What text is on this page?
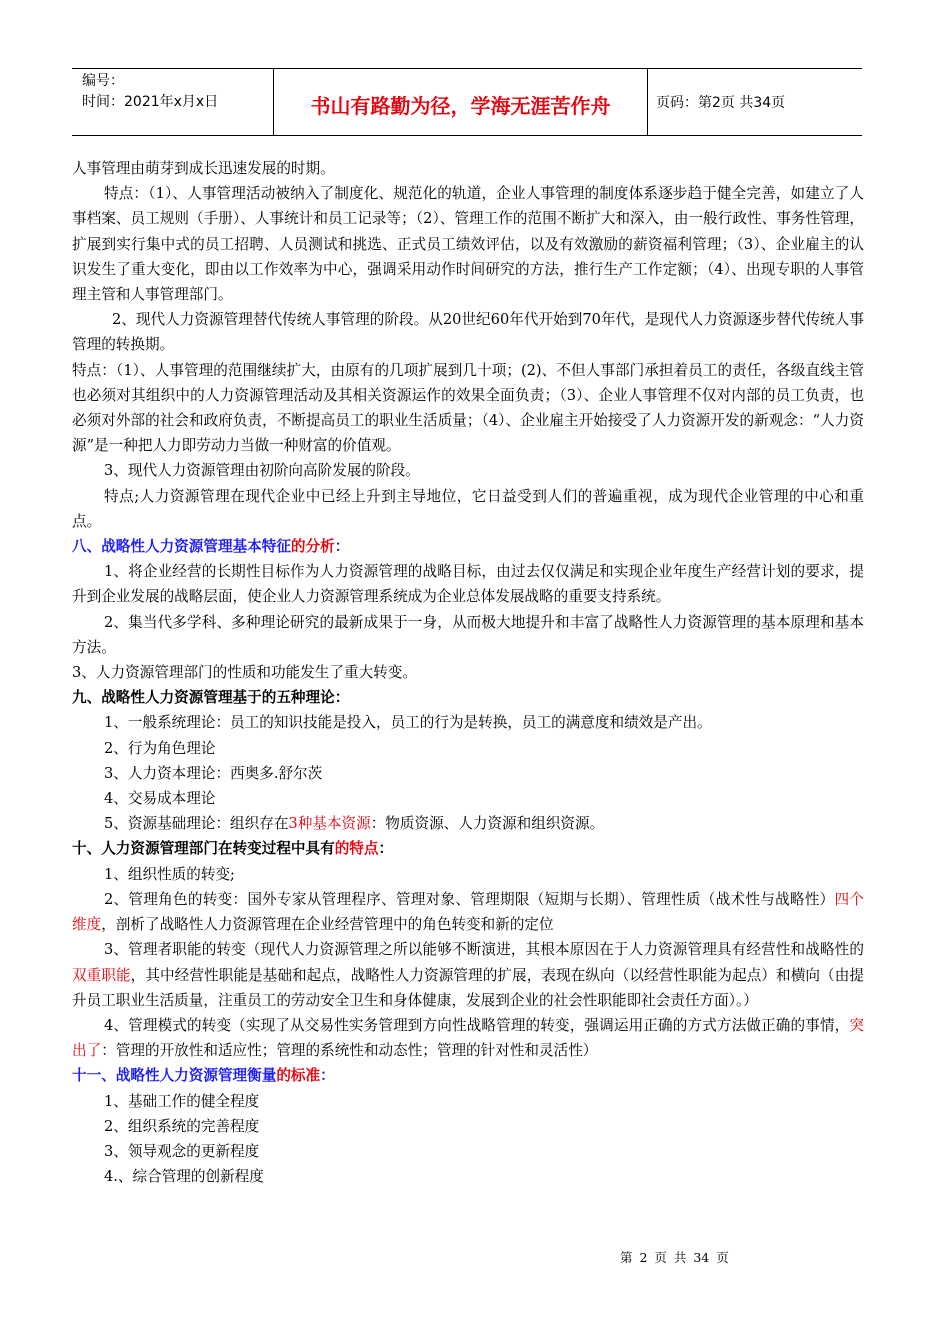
编号：
时间：2021年x月x日	书山有路勤为径，学海无涯苦作舟	页码：第2页 共34页

人事管理由萌芽到成长迅速发展的时期。

特点：（1）、人事管理活动被纳入了制度化、规范化的轨道，企业人事管理的制度体系逐步趋于健全完善，如建立了人事档案、员工规则（手册）、人事统计和员工记录等；（2）、管理工作的范围不断扩大和深入，由一般行政性、事务性管理，扩展到实行集中式的员工招聘、人员测试和挑选、正式员工绩效评估，以及有效激励的薪资福利管理；（3）、企业雇主的认识发生了重大变化，即由以工作效率为中心，强调采用动作时间研究的方法，推行生产工作定额；（4）、出现专职的人事管理主管和人事管理部门。

2、现代人力资源管理替代传统人事管理的阶段。从20世纪60年代开始到70年代，是现代人力资源逐步替代传统人事管理的转换期。

特点：（1）、人事管理的范围继续扩大，由原有的几项扩展到几十项；(2)、不但人事部门承担着员工的责任，各级直线主管也必须对其组织中的人力资源管理活动及其相关资源运作的效果全面负责；（3）、企业人事管理不仅对内部的员工负责，也必须对外部的社会和政府负责，不断提高员工的职业生活质量；（4）、企业雇主开始接受了人力资源开发的新观念：“人力资源”是一种把人力即劳动力当做一种财富的价值观。

3、现代人力资源管理由初阶向高阶发展的阶段。

特点;人力资源管理在现代企业中已经上升到主导地位，它日益受到人们的普遍重视，成为现代企业管理的中心和重点。

八、战略性人力资源管理基本特征的分析：

1、将企业经营的长期性目标作为人力资源管理的战略目标，由过去仅仅满足和实现企业年度生产经营计划的要求，提升到企业发展的战略层面，使企业人力资源管理系统成为企业总体发展战略的重要支持系统。

2、集当代多学科、多种理论研究的最新成果于一身，从而极大地提升和丰富了战略性人力资源管理的基本原理和基本方法。

3、人力资源管理部门的性质和功能发生了重大转变。

九、战略性人力资源管理基于的五种理论：

1、一般系统理论：员工的知识技能是投入，员工的行为是转换，员工的满意度和绩效是产出。

2、行为角色理论

3、人力资本理论：西奥多.舒尔茨

4、交易成本理论

5、资源基础理论：组织存在3种基本资源：物质资源、人力资源和组织资源。

十、人力资源管理部门在转变过程中具有的特点：

1、组织性质的转变;

2、管理角色的转变：国外专家从管理程序、管理对象、管理期限（短期与长期）、管理性质（战术性与战略性）四个维度，剖析了战略性人力资源管理在企业经营管理中的角色转变和新的定位

3、管理者职能的转变（现代人力资源管理之所以能够不断演进，其根本原因在于人力资源管理具有经营性和战略性的双重职能，其中经营性职能是基础和起点，战略性人力资源管理的扩展，表现在纵向（以经营性职能为起点）和横向（由提升员工职业生活质量，注重员工的劳动安全卫生和身体健康，发展到企业的社会性职能即社会责任方面）。）

4、管理模式的转变（实现了从交易性实务管理到方向性战略管理的转变，强调运用正确的方式方法做正确的事情，突出了：管理的开放性和适应性；管理的系统性和动态性；管理的针对性和灵活性）

十一、战略性人力资源管理衡量的标准：

1、基础工作的健全程度

2、组织系统的完善程度

3、领导观念的更新程度

4.、综合管理的创新程度

第 2 页 共 34 页
